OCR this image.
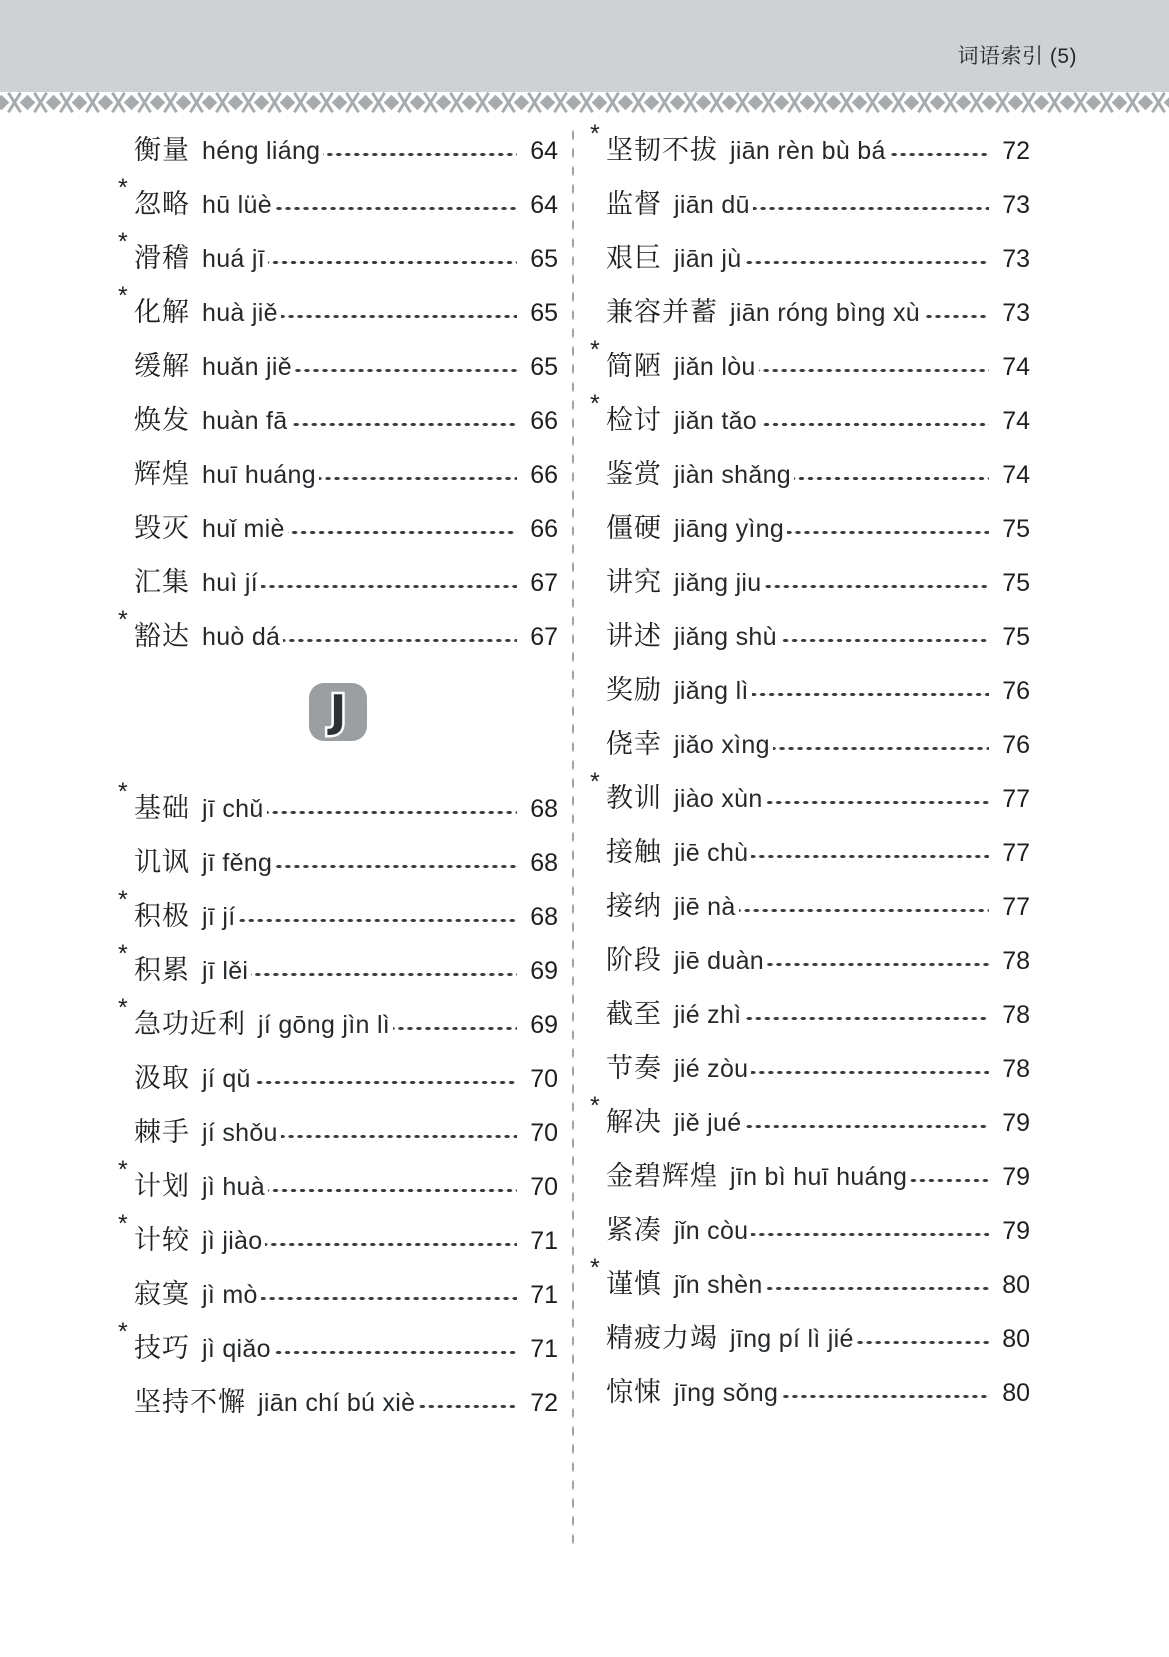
词语索引 (5)
衡量 héng liáng	64
*
忽略 hū lüè	64
*
滑稽 huá jī	65
*
化解 huà jiě	65
缓解 huǎn jiě	65
焕发 huàn fā	66
辉煌 huī huáng	66
毁灭 huǐ miè	66
汇集 huì jí	67
*
豁达 huò dá	67
J
*
基础 jī chǔ	68
讥讽 jī fěng	68
*
积极 jī jí	68
*
积累 jī lěi	69
*
急功近利 jí gōng jìn lì	69
汲取 jí qǔ	70
棘手 jí shǒu	70
*
计划 jì huà	70
*
计较 jì jiào	71
寂寞 jì mò	71
*
技巧 jì qiǎo	71
坚持不懈 jiān chí bú xiè	72
*
坚韧不拔 jiān rèn bù bá	72
监督 jiān dū	73
艰巨 jiān jù	73
兼容并蓄 jiān róng bìng xù	73
*
简陋 jiǎn lòu	74
*
检讨 jiǎn tǎo	74
鉴赏 jiàn shǎng	74
僵硬 jiāng yìng	75
讲究 jiǎng jiu	75
讲述 jiǎng shù	75
奖励 jiǎng lì	76
侥幸 jiǎo xìng	76
*
教训 jiào xùn	77
接触 jiē chù	77
接纳 jiē nà	77
阶段 jiē duàn	78
截至 jié zhì	78
节奏 jié zòu	78
*
解决 jiě jué	79
金碧辉煌 jīn bì huī huáng	79
紧凑 jǐn còu	79
*
谨慎 jǐn shèn	80
精疲力竭 jīng pí lì jié	80
惊悚 jīng sǒng	80
